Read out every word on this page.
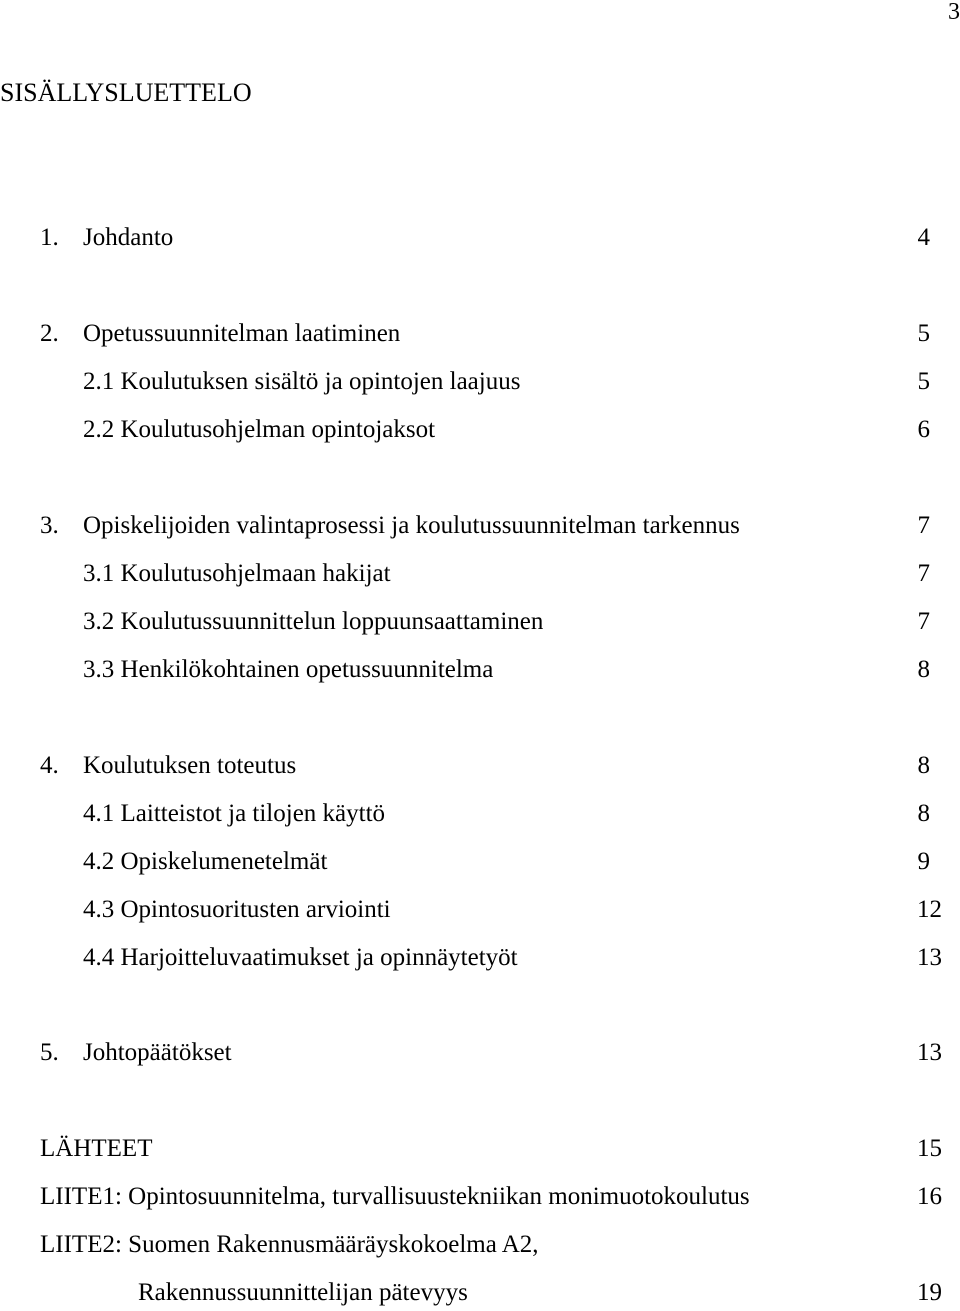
3
SISÄLLYSLUETTELO
1. Johdanto	4
2. Opetussuunnitelman laatiminen	5
2.1 Koulutuksen sisältö ja opintojen laajuus	5
2.2 Koulutusohjelman opintojaksot	6
3. Opiskelijoiden valintaprosessi ja koulutussuunnitelman tarkennus	7
3.1 Koulutusohjelmaan hakijat	7
3.2 Koulutussuunnittelun loppuunsaattaminen	7
3.3 Henkilökohtainen opetussuunnitelma	8
4. Koulutuksen toteutus	8
4.1 Laitteistot ja tilojen käyttö	8
4.2 Opiskelumenetelmät	9
4.3 Opintosuoritusten arviointi	12
4.4 Harjoitteluvaatimukset ja opinnäytetyöt	13
5. Johtopäätökset	13
LÄHTEET	15
LIITE1: Opintosuunnitelma, turvallisuustekniikan monimuotokoulutus	16
LIITE2: Suomen Rakennusmääräyskokoelma A2,
Rakennussuunnittelijan pätevyys	19
